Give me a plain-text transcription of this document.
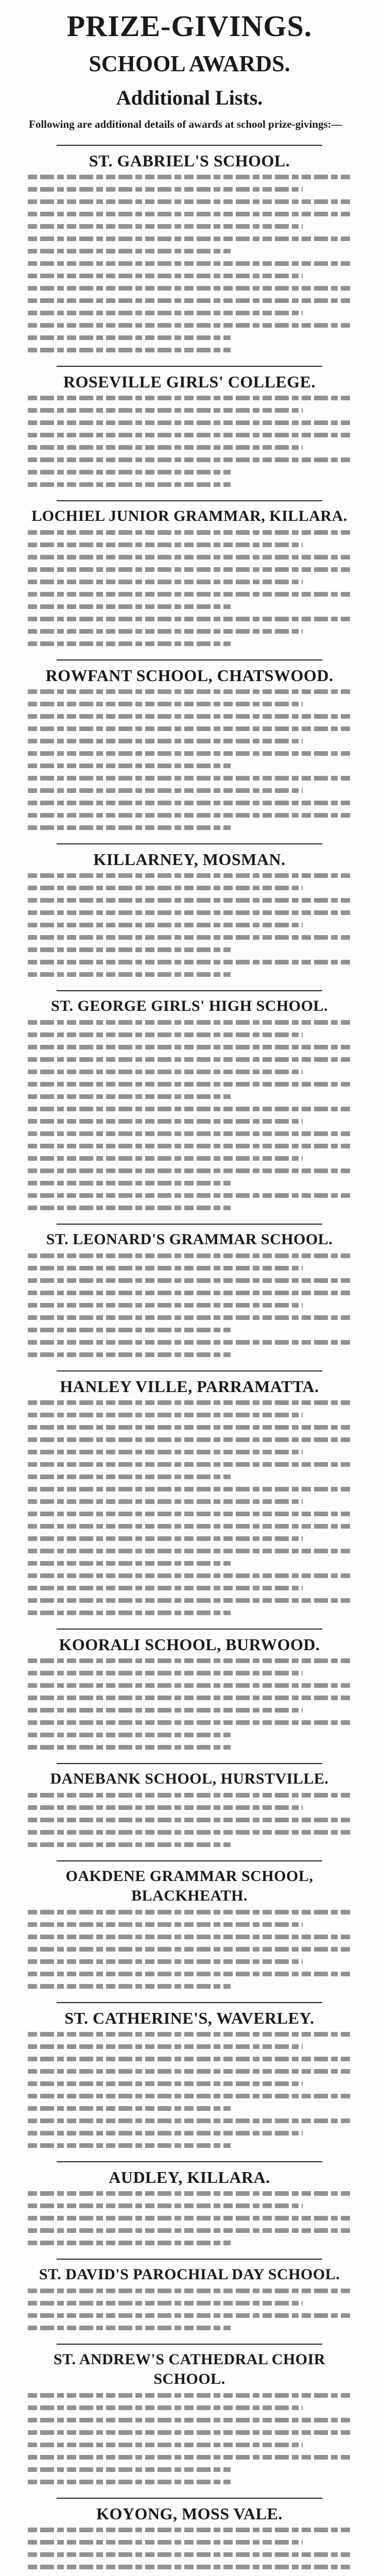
PRIZE-GIVINGS.
SCHOOL AWARDS.
Additional Lists.

Following are additional details of awards at school prize-givings:—

ST. GABRIEL'S SCHOOL.
ROSEVILLE GIRLS' COLLEGE.
LOCHIEL JUNIOR GRAMMAR, KILLARA.
ROWFANT SCHOOL, CHATSWOOD.
KILLARNEY, MOSMAN.
ST. GEORGE GIRLS' HIGH SCHOOL.
ST. LEONARD'S GRAMMAR SCHOOL.
HANLEY VILLE, PARRAMATTA.
KOORALI SCHOOL, BURWOOD.
DANEBANK SCHOOL, HURSTVILLE.
OAKDENE GRAMMAR SCHOOL, BLACKHEATH.
ST. CATHERINE'S, WAVERLEY.
AUDLEY, KILLARA.
ST. DAVID'S PAROCHIAL DAY SCHOOL.
ST. ANDREW'S CATHEDRAL CHOIR SCHOOL.
KOYONG, MOSS VALE.
